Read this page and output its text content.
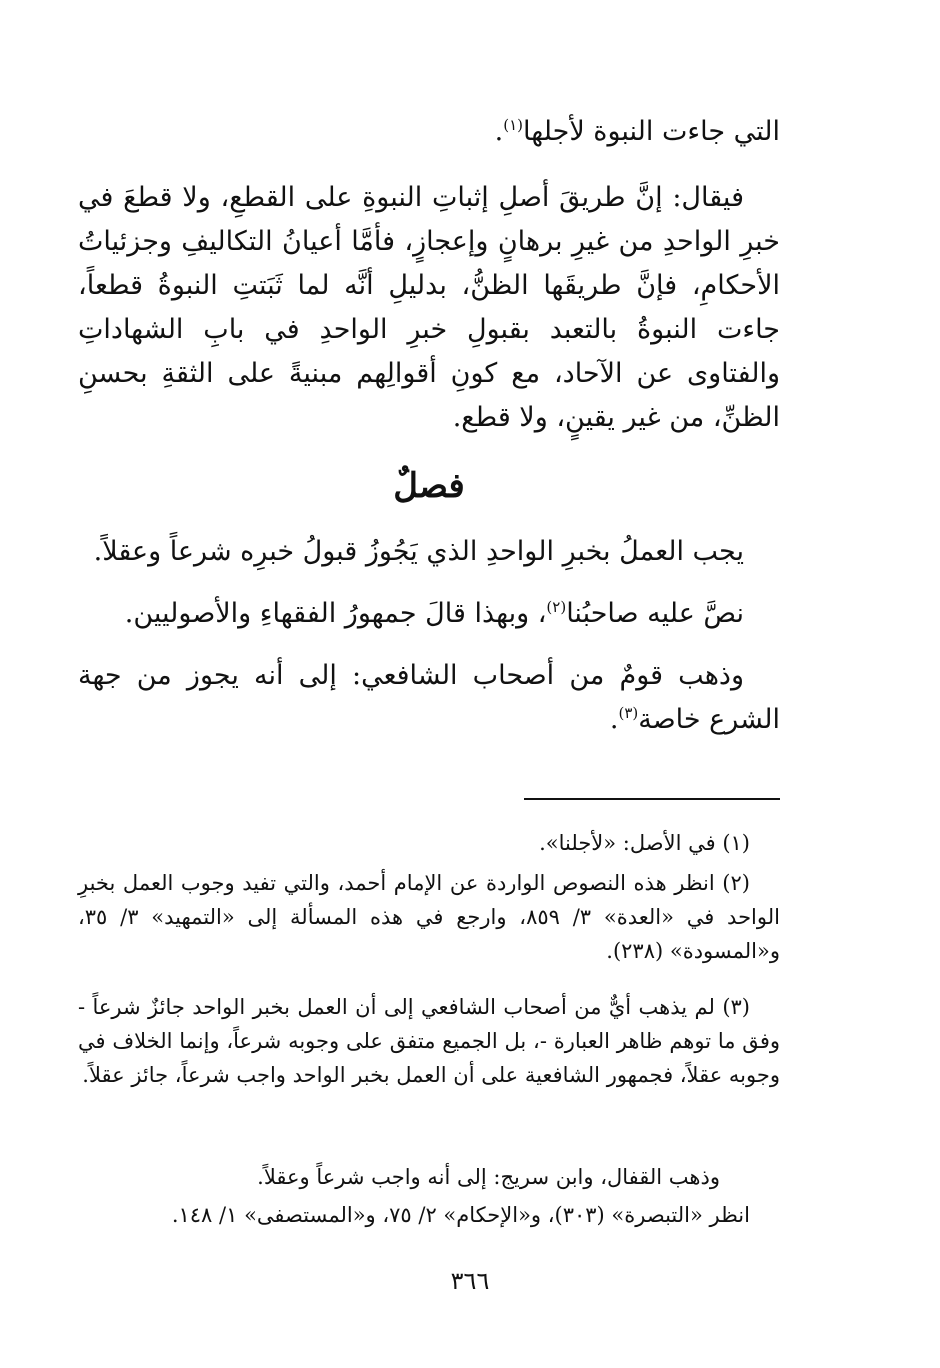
التي جاءت النبوة لأجلها$^{(١)}$.
فيقال: إنَّ طريقَ أصلِ إثباتِ النبوةِ على القطعِ، ولا قطعَ في خبرِ الواحدِ من غيرِ برهانٍ وإعجازٍ، فأمَّا أعيانُ التكاليفِ وجزئياتُ الأحكامِ، فإنَّ طريقَها الظنُّ، بدليلِ أنَّه لما ثَبَتتِ النبوةُ قطعاً، جاءت النبوةُ بالتعبد بقبولِ خبرِ الواحدِ في بابِ الشهاداتِ والفتاوى عن الآحاد، مع كونِ أقوالِهم مبنيةً على الثقةِ بحسنِ الظنِّ، من غير يقينٍ، ولا قطع.
فصلٌ
يجب العملُ بخبرِ الواحدِ الذي يَجُوزُ قبولُ خبرِه شرعاً وعقلاً.
نصَّ عليه صاحبُنا$^{(٢)}$، وبهذا قالَ جمهورُ الفقهاءِ والأصوليين.
وذهب قومٌ من أصحاب الشافعي: إلى أنه يجوز من جهة الشرع خاصة$^{(٣)}$.
(١) في الأصل: «لأجلنا».
(٢) انظر هذه النصوص الواردة عن الإمام أحمد، والتي تفيد وجوب العمل بخبرِ الواحد في «العدة» ٣/ ٨٥٩، وارجع في هذه المسألة إلى «التمهيد» ٣/ ٣٥، و«المسودة» (٢٣٨).
(٣) لم يذهب أيٌّ من أصحاب الشافعي إلى أن العمل بخبر الواحد جائزٌ شرعاً - وفق ما توهم ظاهر العبارة -، بل الجميع متفق على وجوبه شرعاً، وإنما الخلاف في وجوبه عقلاً، فجمهور الشافعية على أن العمل بخبر الواحد واجب شرعاً، جائز عقلاً.
وذهب القفال، وابن سريج: إلى أنه واجب شرعاً وعقلاً.
انظر «التبصرة» (٣٠٣)، و«الإحكام» ٢/ ٧٥، و«المستصفى» ١/ ١٤٨.
٣٦٦
